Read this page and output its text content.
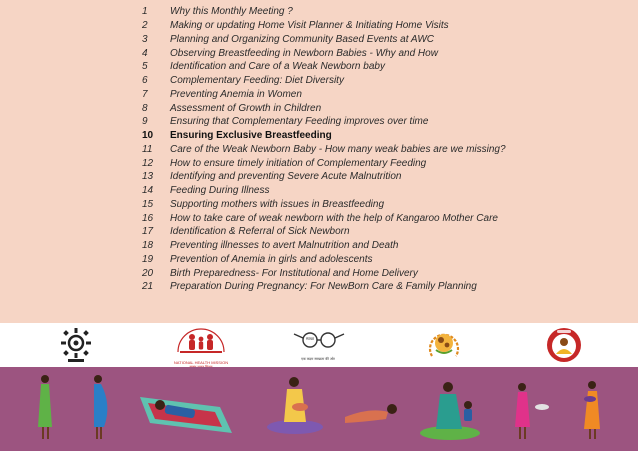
1	Why this Monthly Meeting ?
2	Making or updating Home Visit Planner & Initiating Home Visits
3	Planning and Organizing Community Based Events at AWC
4	Observing Breastfeeding in Newborn Babies - Why and How
5	Identification and Care of a Weak Newborn baby
6	Complementary Feeding: Diet Diversity
7	Preventing Anemia in Women
8	Assessment of Growth in Children
9	Ensuring that Complementary Feeding improves over time
10	Ensuring Exclusive Breastfeeding
11	Care of the Weak Newborn Baby - How many weak babies are we missing?
12	How to ensure timely initiation of Complementary Feeding
13	Identifying and preventing Severe Acute Malnutrition
14	Feeding During Illness
15	Supporting mothers with issues in Breastfeeding
16	How to take care of weak newborn with the help of Kangaroo Mother Care
17	Identification & Referral of Sick Newborn
18	Preventing illnesses to avert Malnutrition and Death
19	Prevention of Anemia in girls and adolescents
20	Birth Preparedness- For Institutional and Home Delivery
21	Preparation During Pregnancy: For NewBorn Care & Family Planning
NATIONAL HEALTH MISSION
स्वच्छ
एक कदम स्वच्छता की ओर
